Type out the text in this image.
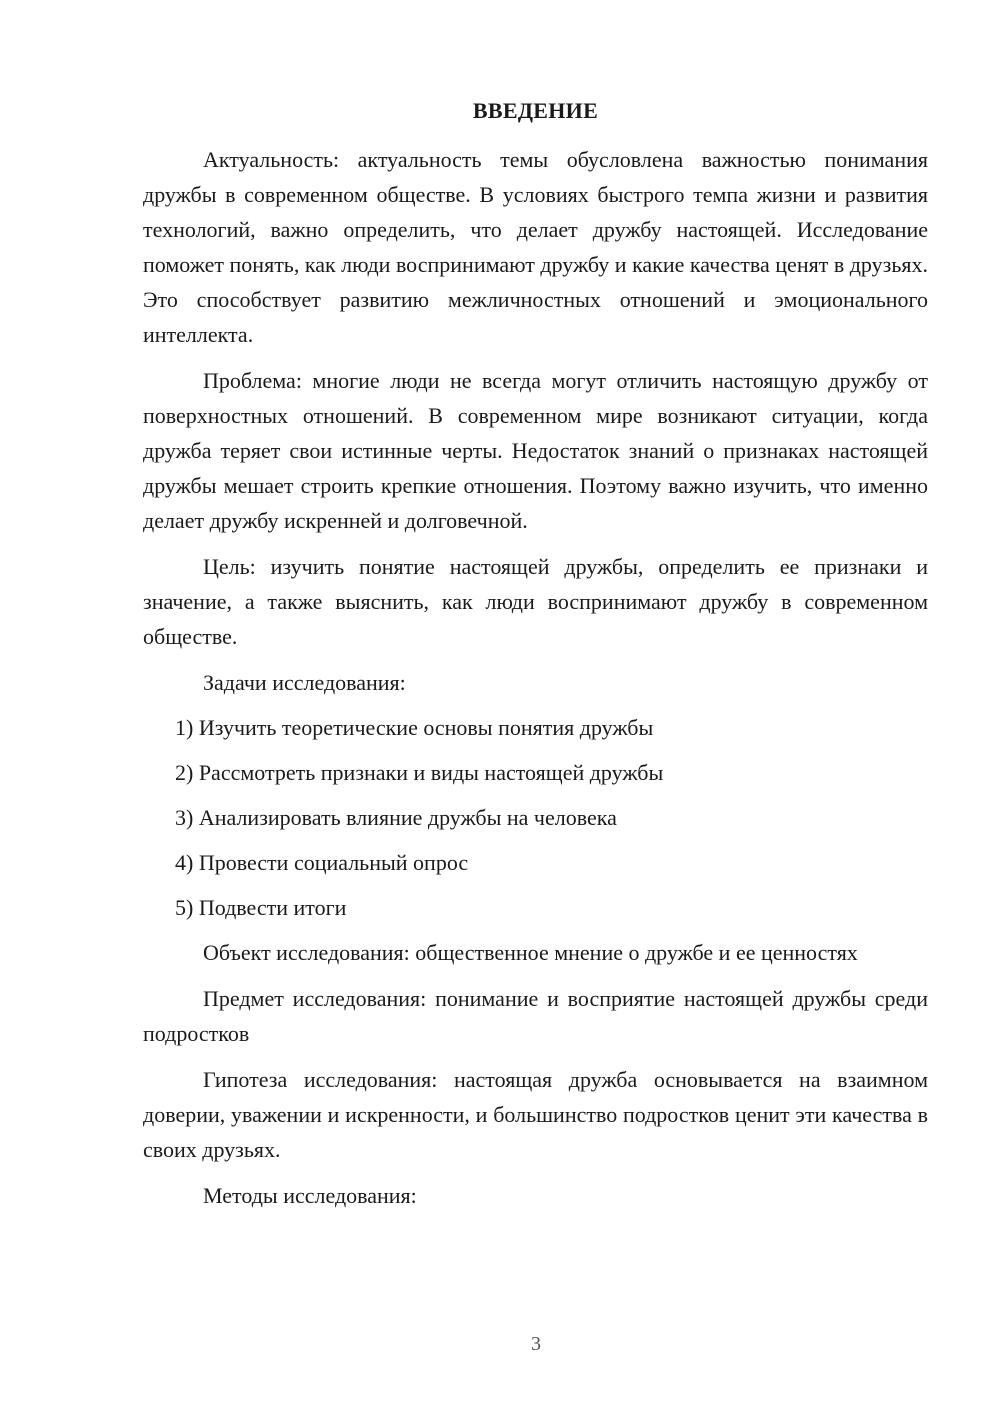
ВВЕДЕНИЕ

Актуальность: актуальность темы обусловлена важностью понимания дружбы в современном обществе. В условиях быстрого темпа жизни и развития технологий, важно определить, что делает дружбу настоящей. Исследование поможет понять, как люди воспринимают дружбу и какие качества ценят в друзьях. Это способствует развитию межличностных отношений и эмоционального интеллекта.

Проблема: многие люди не всегда могут отличить настоящую дружбу от поверхностных отношений. В современном мире возникают ситуации, когда дружба теряет свои истинные черты. Недостаток знаний о признаках настоящей дружбы мешает строить крепкие отношения. Поэтому важно изучить, что именно делает дружбу искренней и долговечной.

Цель: изучить понятие настоящей дружбы, определить ее признаки и значение, а также выяснить, как люди воспринимают дружбу в современном обществе.

Задачи исследования:

1) Изучить теоретические основы понятия дружбы
2) Рассмотреть признаки и виды настоящей дружбы
3) Анализировать влияние дружбы на человека
4) Провести социальный опрос
5) Подвести итоги

Объект исследования: общественное мнение о дружбе и ее ценностях

Предмет исследования: понимание и восприятие настоящей дружбы среди подростков

Гипотеза исследования: настоящая дружба основывается на взаимном доверии, уважении и искренности, и большинство подростков ценит эти качества в своих друзьях.

Методы исследования:

3
